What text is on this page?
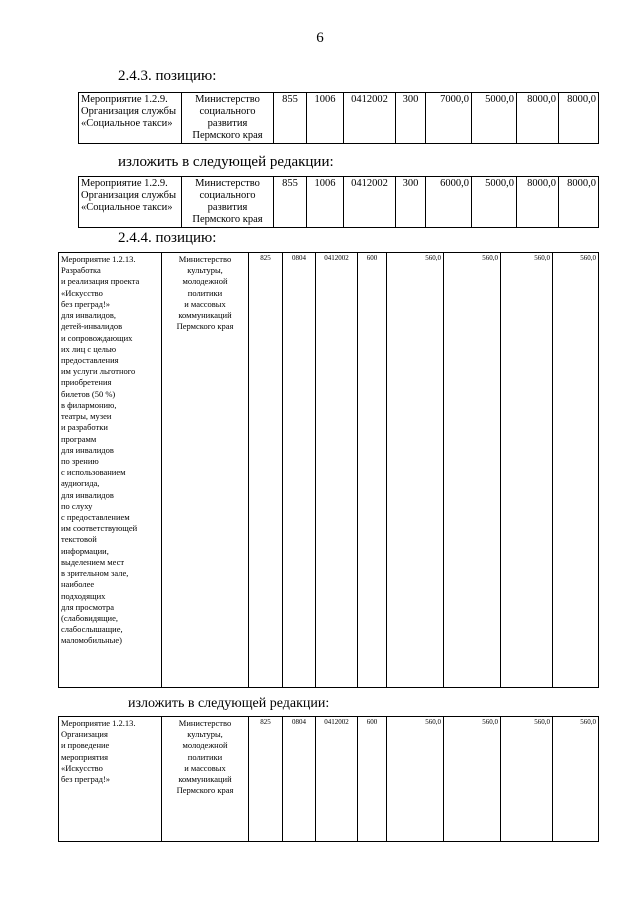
6
2.4.3. позицию:
Мероприятие 1.2.9.
Организация службы
«Социальное такси»	Министерство
социального
развития
Пермского края	855	1006	0412002	300	7000,0	5000,0	8000,0	8000,0
изложить в следующей редакции:
Мероприятие 1.2.9.
Организация службы
«Социальное такси»	Министерство
социального
развития
Пермского края	855	1006	0412002	300	6000,0	5000,0	8000,0	8000,0
2.4.4. позицию:
Мероприятие 1.2.13.
Разработка
и реализация проекта
«Искусство
без преград!»
для инвалидов,
детей-инвалидов
и сопровождающих
их лиц с целью
предоставления
им услуги льготного
приобретения
билетов (50 %)
в филармонию,
театры, музеи
и разработки
программ
для инвалидов
по зрению
с использованием
аудиогида,
для инвалидов
по слуху
с предоставлением
им соответствующей
текстовой
информации,
выделением мест
в зрительном зале,
наиболее
подходящих
для просмотра
(слабовидящие,
слабослышащие,
маломобильные)	Министерство
культуры,
молодежной
политики
и массовых
коммуникаций
Пермского края	825	0804	0412002	600	560,0	560,0	560,0	560,0
изложить в следующей редакции:
Мероприятие 1.2.13.
Организация
и проведение
мероприятия
«Искусство
без преград!»	Министерство
культуры,
молодежной
политики
и массовых
коммуникаций
Пермского края	825	0804	0412002	600	560,0	560,0	560,0	560,0
